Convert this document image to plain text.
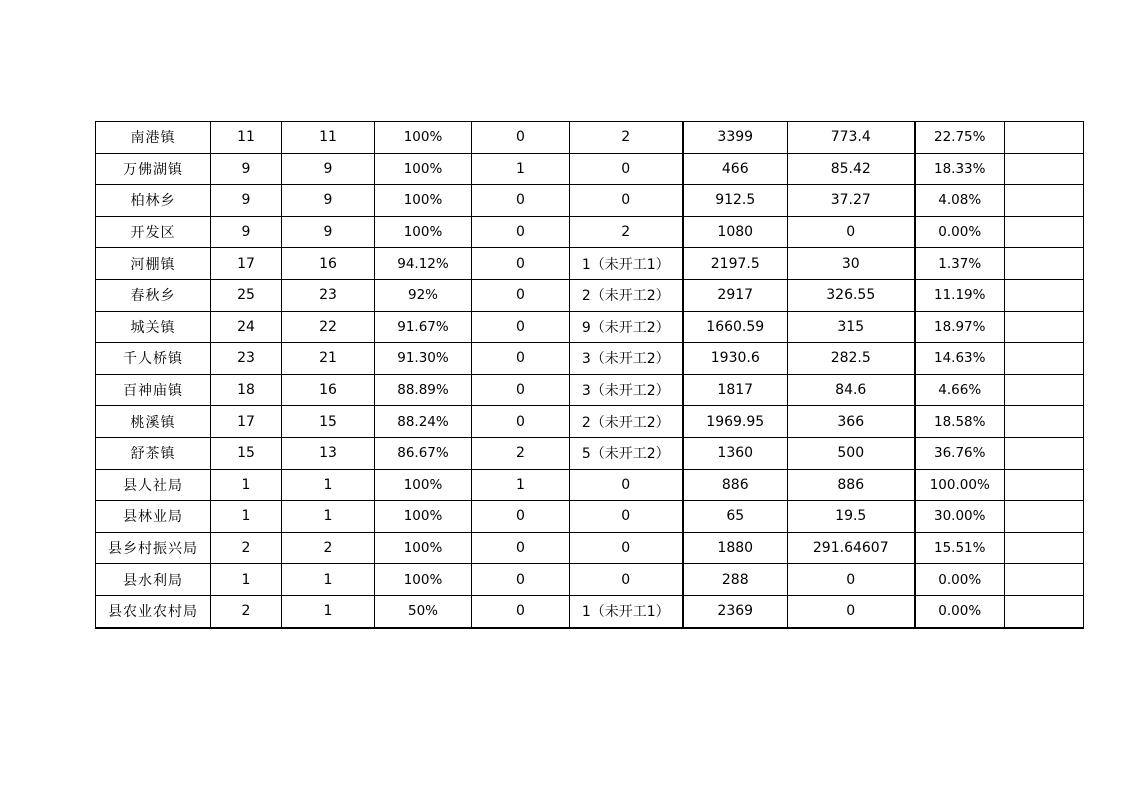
南港镇	11	11	100%	0	2	3399	773.4	22.75%	
万佛湖镇	9	9	100%	1	0	466	85.42	18.33%	
柏林乡	9	9	100%	0	0	912.5	37.27	4.08%	
开发区	9	9	100%	0	2	1080	0	0.00%	
河棚镇	17	16	94.12%	0	1（未开工1）	2197.5	30	1.37%	
春秋乡	25	23	92%	0	2（未开工2）	2917	326.55	11.19%	
城关镇	24	22	91.67%	0	9（未开工2）	1660.59	315	18.97%	
千人桥镇	23	21	91.30%	0	3（未开工2）	1930.6	282.5	14.63%	
百神庙镇	18	16	88.89%	0	3（未开工2）	1817	84.6	4.66%	
桃溪镇	17	15	88.24%	0	2（未开工2）	1969.95	366	18.58%	
舒茶镇	15	13	86.67%	2	5（未开工2）	1360	500	36.76%	
县人社局	1	1	100%	1	0	886	886	100.00%	
县林业局	1	1	100%	0	0	65	19.5	30.00%	
县乡村振兴局	2	2	100%	0	0	1880	291.64607	15.51%	
县水利局	1	1	100%	0	0	288	0	0.00%	
县农业农村局	2	1	50%	0	1（未开工1）	2369	0	0.00%	
